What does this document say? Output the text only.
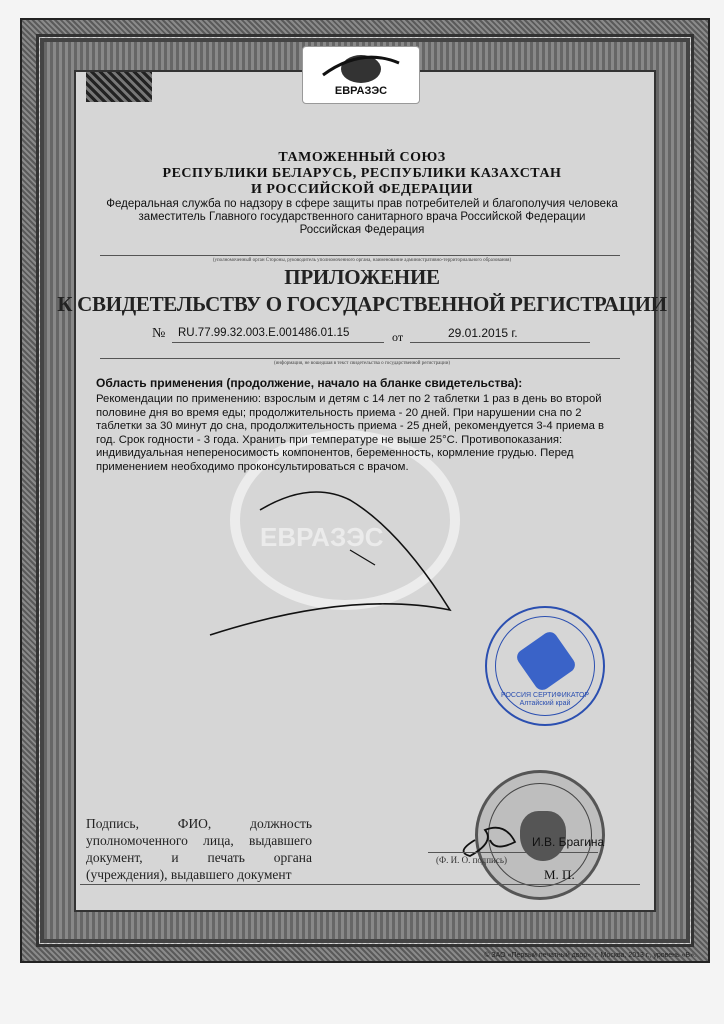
ЕВРАЗЭС
ЕВРАЗЭС
ТАМОЖЕННЫЙ СОЮЗ
РЕСПУБЛИКИ БЕЛАРУСЬ, РЕСПУБЛИКИ КАЗАХСТАН
И РОССИЙСКОЙ ФЕДЕРАЦИИ
Федеральная служба по надзору в сфере защиты прав потребителей и благополучия человека
заместитель Главного государственного санитарного врача Российской Федерации
Российская Федерация
(уполномоченный орган Стороны, руководитель уполномоченного органа, наименование административно-территориального образования)
ПРИЛОЖЕНИЕ
К СВИДЕТЕЛЬСТВУ О ГОСУДАРСТВЕННОЙ РЕГИСТРАЦИИ
№ RU.77.99.32.003.E.001486.01.15	от	29.01.2015 г.
(информация, не вошедшая в текст свидетельства о государственной регистрации)
Область применения (продолжение, начало на бланке свидетельства):
Рекомендации по применению: взрослым и детям с 14 лет по 2 таблетки 1 раз в день во второй половине дня во время еды; продолжительность приема - 20 дней. При нарушении сна по 2 таблетки за 30 минут до сна, продолжительность приема - 25 дней, рекомендуется 3-4 приема в год. Срок годности - 3 года. Хранить при температуре не выше 25°С. Противопоказания: индивидуальная непереносимость компонентов, беременность, кормление грудью. Перед применением необходимо проконсультироваться с врачом.
РОССИЯ СЕРТИФИКАТОР Алтайский край
Подпись, ФИО, должность уполномоченного лица, выдавшего документ, и печать органа (учреждения), выдавшего документ
И.В. Брагина
(Ф. И. О. подпись)
М. П.
© ЗАО «Первый печатный двор», г. Москва, 2013 г., уровень «В».
